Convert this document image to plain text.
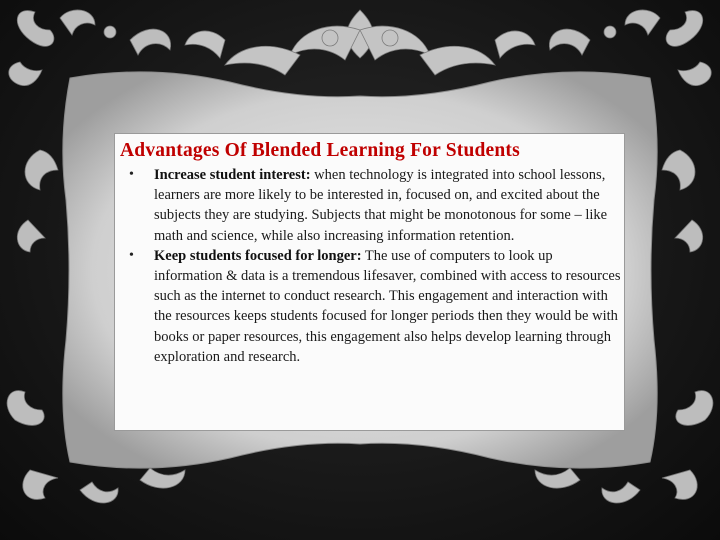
Advantages Of Blended Learning For Students
• Increase student interest: when technology is integrated into school lessons, learners are more likely to be interested in, focused on, and excited about the subjects they are studying. Subjects that might be monotonous for some – like math and science, while also increasing information retention.
• Keep students focused for longer: The use of computers to look up information & data is a tremendous lifesaver, combined with access to resources such as the internet to conduct research. This engagement and interaction with the resources keeps students focused for longer periods then they would be with books or paper resources, this engagement also helps develop learning through exploration and research.
